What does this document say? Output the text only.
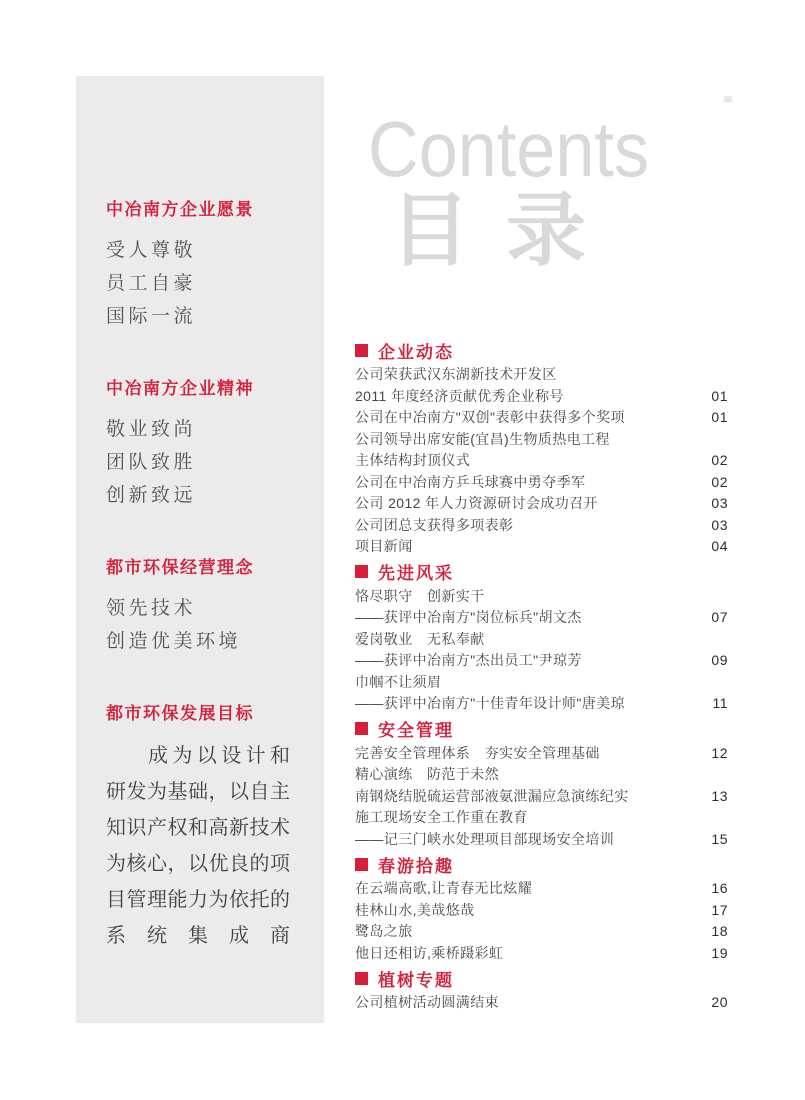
中冶南方企业愿景
受人尊敬
员工自豪
国际一流
中冶南方企业精神
敬业致尚
团队致胜
创新致远
都市环保经营理念
领先技术
创造优美环境
都市环保发展目标
成为以设计和
研发为基础，以自主
知识产权和高新技术
为核心，以优良的项
目管理能力为依托的
系统集成商
Contents
目 录
企业动态
公司荣获武汉东湖新技术开发区
2011 年度经济贡献优秀企业称号	01
公司在中冶南方"双创"表彰中获得多个奖项	01
公司领导出席安能(宜昌)生物质热电工程
主体结构封顶仪式	02
公司在中冶南方乒乓球赛中勇夺季军	02
公司 2012 年人力资源研讨会成功召开	03
公司团总支获得多项表彰	03
项目新闻	04
先进风采
恪尽职守　创新实干
——获评中冶南方"岗位标兵"胡文杰	07
爱岗敬业　无私奉献
——获评中冶南方"杰出员工"尹琼芳	09
巾帼不让须眉
——获评中冶南方"十佳青年设计师"唐美琼	11
安全管理
完善安全管理体系　夯实安全管理基础	12
精心演练　防范于未然
南钢烧结脱硫运营部液氨泄漏应急演练纪实	13
施工现场安全工作重在教育
——记三门峡水处理项目部现场安全培训	15
春游拾趣
在云端高歌,让青春无比炫耀	16
桂林山水,美哉悠哉	17
鹭岛之旅	18
他日还相访,乘桥蹑彩虹	19
植树专题
公司植树活动圆满结束	20
